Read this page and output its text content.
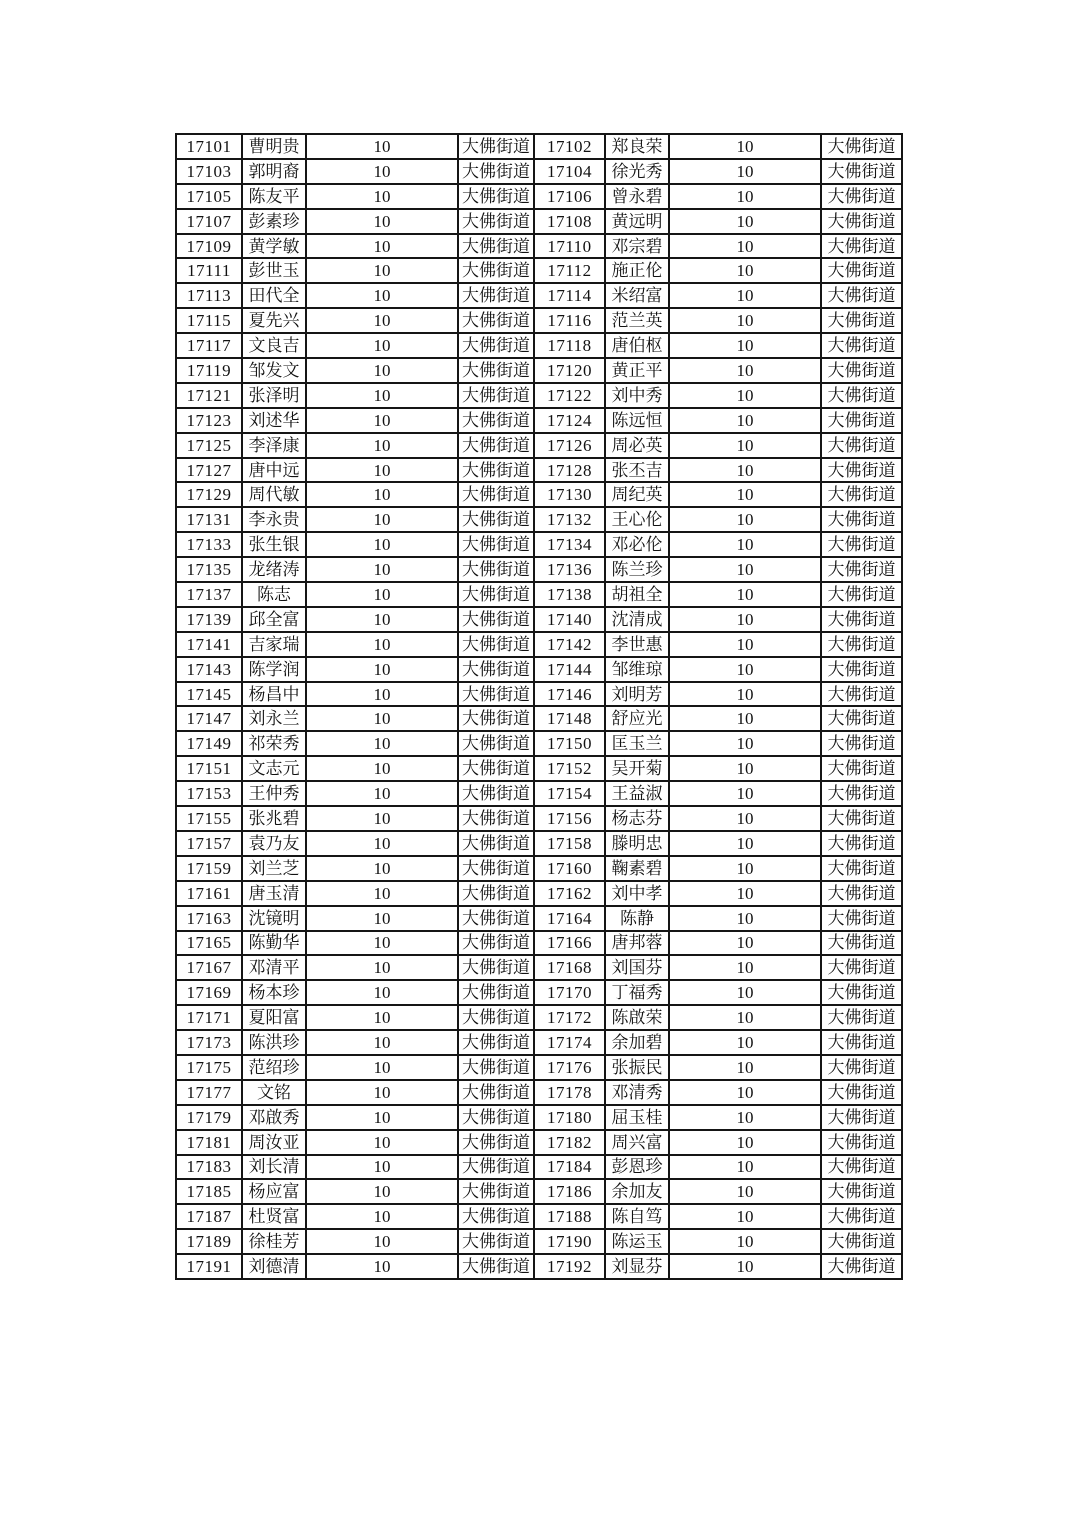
17101	曹明贵	10	大佛街道	17102	郑良荣	10	大佛街道
17103	郭明裔	10	大佛街道	17104	徐光秀	10	大佛街道
17105	陈友平	10	大佛街道	17106	曾永碧	10	大佛街道
17107	彭素珍	10	大佛街道	17108	黄远明	10	大佛街道
17109	黄学敏	10	大佛街道	17110	邓宗碧	10	大佛街道
17111	彭世玉	10	大佛街道	17112	施正伦	10	大佛街道
17113	田代全	10	大佛街道	17114	米绍富	10	大佛街道
17115	夏先兴	10	大佛街道	17116	范兰英	10	大佛街道
17117	文良吉	10	大佛街道	17118	唐伯枢	10	大佛街道
17119	邹发文	10	大佛街道	17120	黄正平	10	大佛街道
17121	张泽明	10	大佛街道	17122	刘中秀	10	大佛街道
17123	刘述华	10	大佛街道	17124	陈远恒	10	大佛街道
17125	李泽康	10	大佛街道	17126	周必英	10	大佛街道
17127	唐中远	10	大佛街道	17128	张丕吉	10	大佛街道
17129	周代敏	10	大佛街道	17130	周纪英	10	大佛街道
17131	李永贵	10	大佛街道	17132	王心伦	10	大佛街道
17133	张生银	10	大佛街道	17134	邓必伦	10	大佛街道
17135	龙绪涛	10	大佛街道	17136	陈兰珍	10	大佛街道
17137	陈志	10	大佛街道	17138	胡祖全	10	大佛街道
17139	邱全富	10	大佛街道	17140	沈清成	10	大佛街道
17141	吉家瑞	10	大佛街道	17142	李世惠	10	大佛街道
17143	陈学润	10	大佛街道	17144	邹维琼	10	大佛街道
17145	杨昌中	10	大佛街道	17146	刘明芳	10	大佛街道
17147	刘永兰	10	大佛街道	17148	舒应光	10	大佛街道
17149	祁荣秀	10	大佛街道	17150	匡玉兰	10	大佛街道
17151	文志元	10	大佛街道	17152	吴开菊	10	大佛街道
17153	王仲秀	10	大佛街道	17154	王益淑	10	大佛街道
17155	张兆碧	10	大佛街道	17156	杨志芬	10	大佛街道
17157	袁乃友	10	大佛街道	17158	滕明忠	10	大佛街道
17159	刘兰芝	10	大佛街道	17160	鞠素碧	10	大佛街道
17161	唐玉清	10	大佛街道	17162	刘中孝	10	大佛街道
17163	沈镜明	10	大佛街道	17164	陈静	10	大佛街道
17165	陈勤华	10	大佛街道	17166	唐邦蓉	10	大佛街道
17167	邓清平	10	大佛街道	17168	刘国芬	10	大佛街道
17169	杨本珍	10	大佛街道	17170	丁福秀	10	大佛街道
17171	夏阳富	10	大佛街道	17172	陈啟荣	10	大佛街道
17173	陈洪珍	10	大佛街道	17174	余加碧	10	大佛街道
17175	范绍珍	10	大佛街道	17176	张振民	10	大佛街道
17177	文铭	10	大佛街道	17178	邓清秀	10	大佛街道
17179	邓啟秀	10	大佛街道	17180	屈玉桂	10	大佛街道
17181	周汝亚	10	大佛街道	17182	周兴富	10	大佛街道
17183	刘长清	10	大佛街道	17184	彭恩珍	10	大佛街道
17185	杨应富	10	大佛街道	17186	余加友	10	大佛街道
17187	杜贤富	10	大佛街道	17188	陈自笃	10	大佛街道
17189	徐桂芳	10	大佛街道	17190	陈运玉	10	大佛街道
17191	刘德清	10	大佛街道	17192	刘显芬	10	大佛街道
